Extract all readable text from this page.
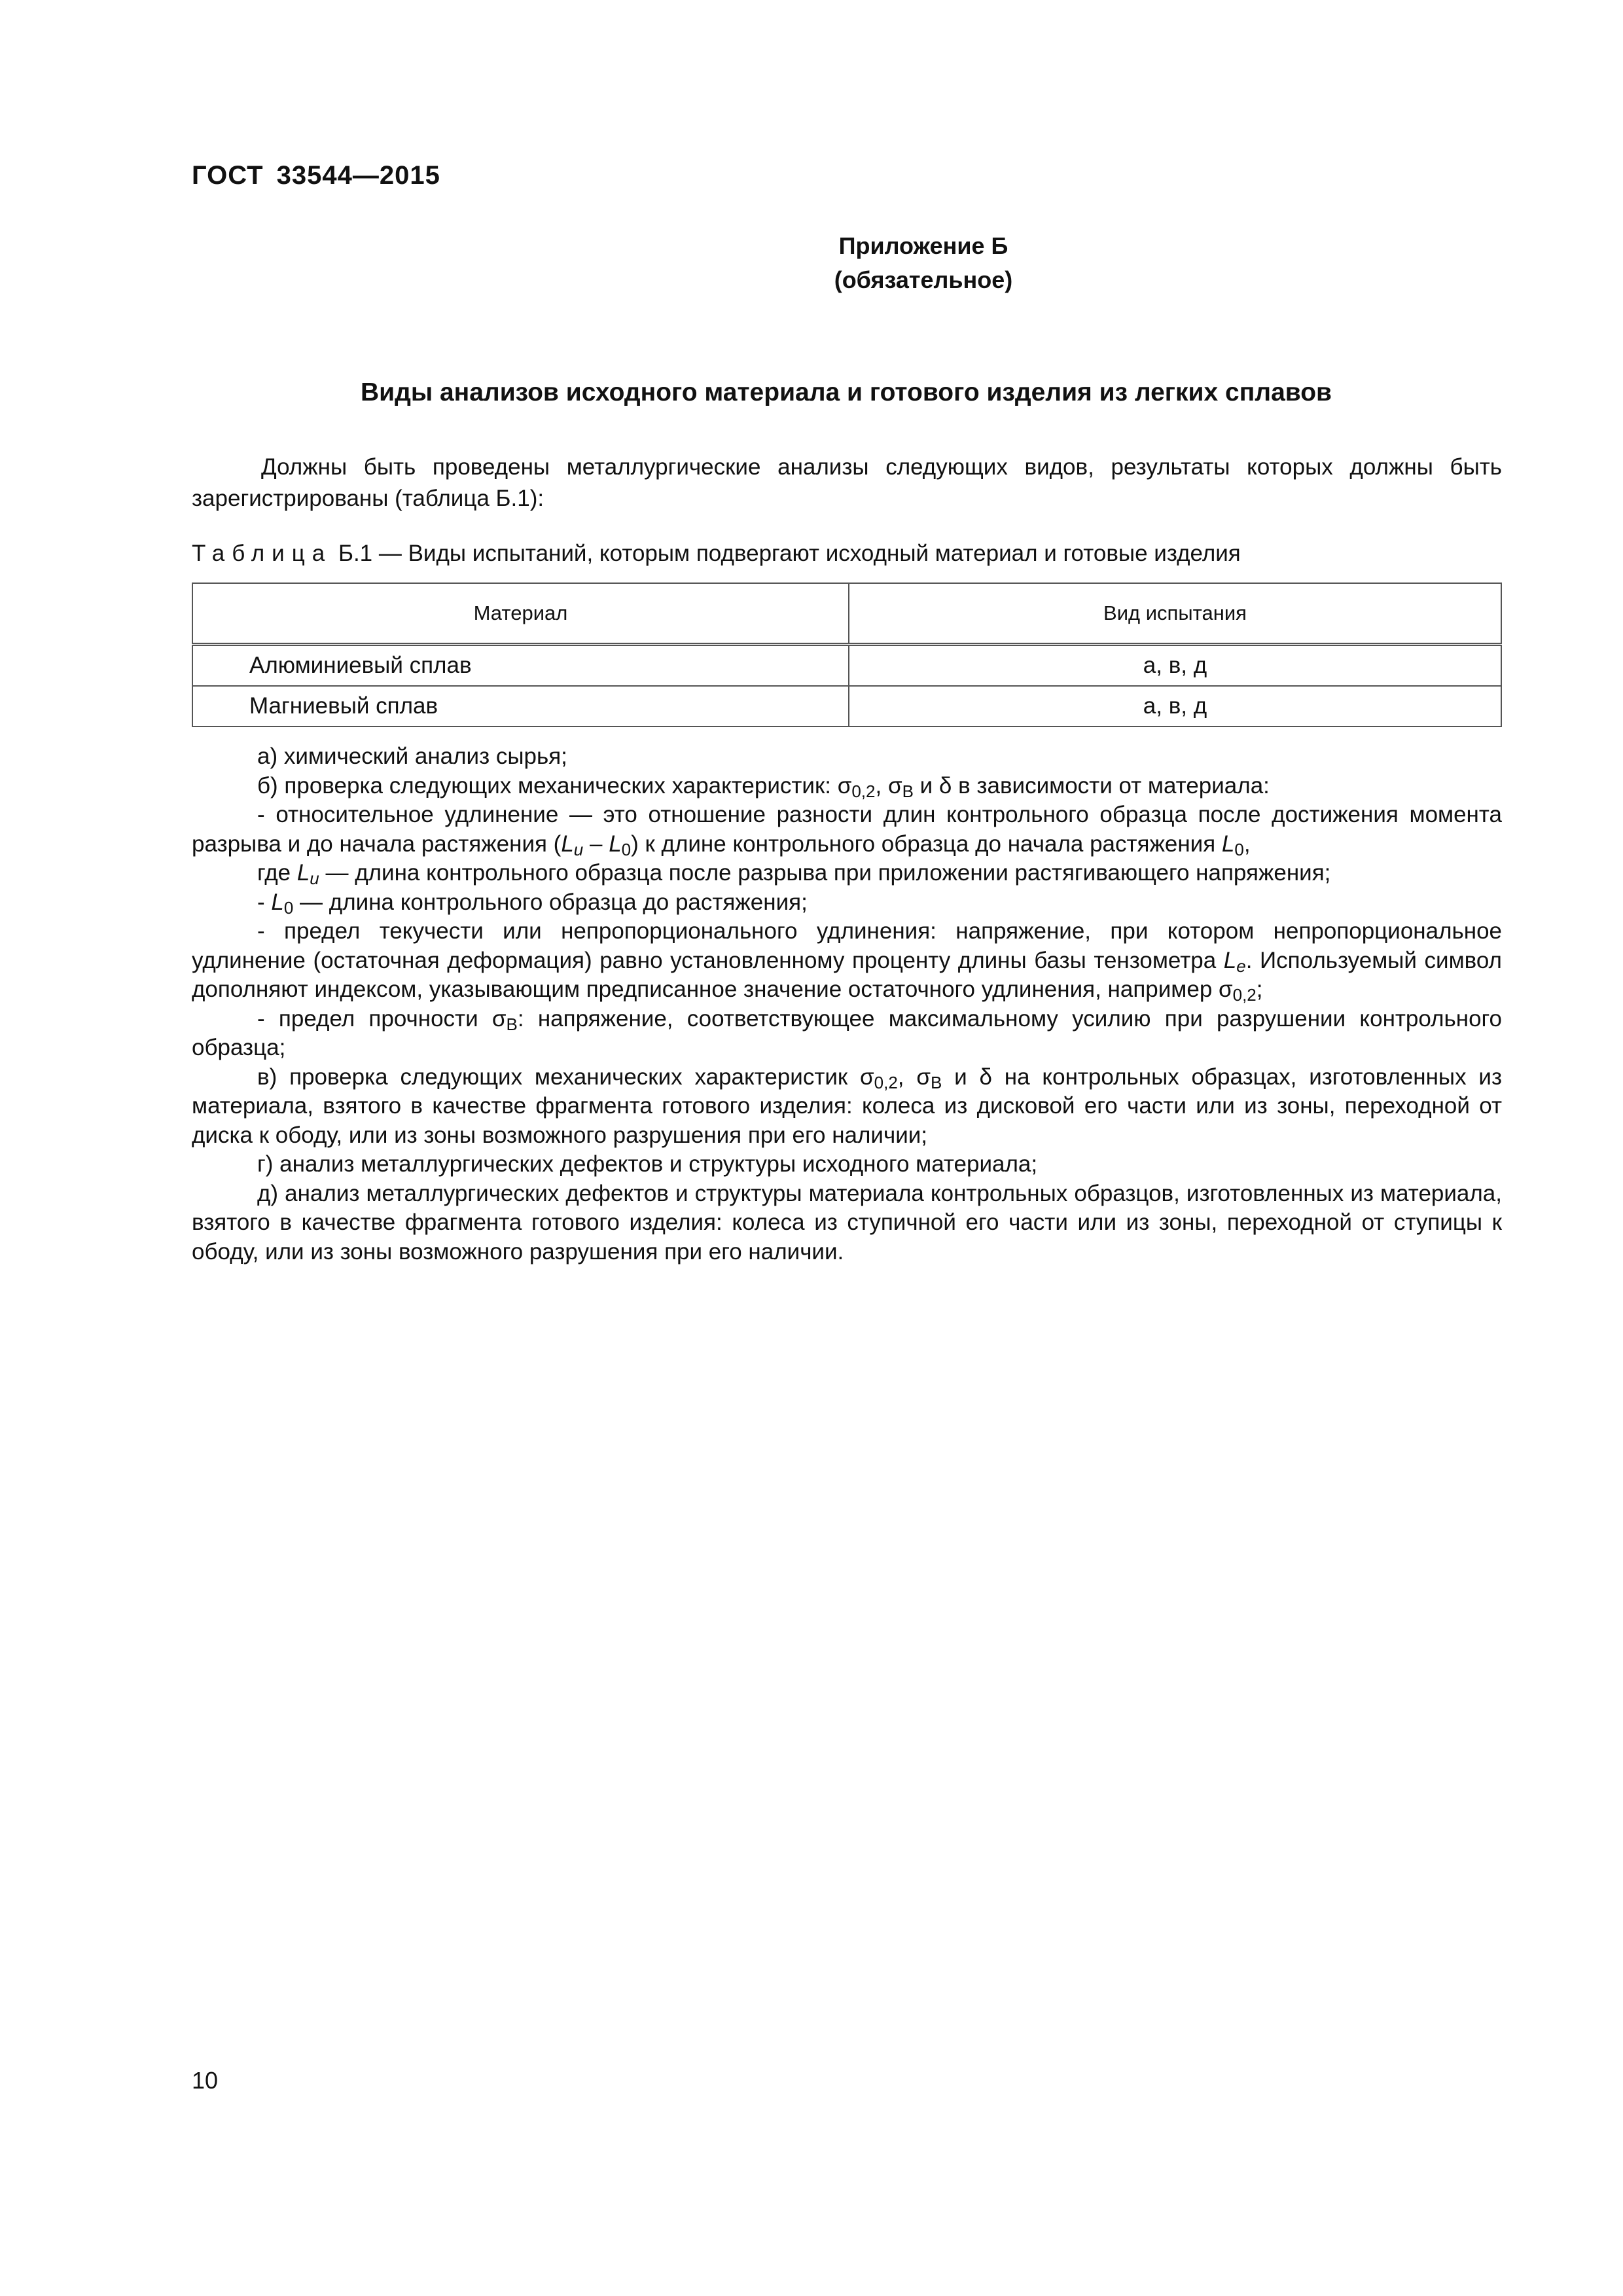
ГОСТ 33544—2015
Приложение Б
(обязательное)
Виды анализов исходного материала и готового изделия из легких сплавов
Должны быть проведены металлургические анализы следующих видов, результаты которых должны быть зарегистрированы (таблица Б.1):
Таблица Б.1 — Виды испытаний, которым подвергают исходный материал и готовые изделия
Материал	Вид испытания
Алюминиевый сплав	а, в, д
Магниевый сплав	а, в, д

а) химический анализ сырья;

б) проверка следующих механических характеристик: $\sigma_{0,2}$, $\sigma_В$ и δ в зависимости от материала:

- относительное удлинение — это отношение разности длин контрольного образца после достижения момента разрыва и до начала растяжения $(L_u - L_0)$ к длине контрольного образца до начала растяжения $L_0$,

где $L_u$ — длина контрольного образца после разрыва при приложении растягивающего напряжения;

- $L_0$ — длина контрольного образца до растяжения;

- предел текучести или непропорционального удлинения: напряжение, при котором непропорциональное удлинение (остаточная деформация) равно установленному проценту длины базы тензометра $L_e$. Используемый символ дополняют индексом, указывающим предписанное значение остаточного удлинения, например $\sigma_{0,2}$;

- предел прочности $\sigma_В$: напряжение, соответствующее максимальному усилию при разрушении контрольного образца;

в) проверка следующих механических характеристик $\sigma_{0,2}$, $\sigma_В$ и δ на контрольных образцах, изготовленных из материала, взятого в качестве фрагмента готового изделия: колеса из дисковой его части или из зоны, переходной от диска к ободу, или из зоны возможного разрушения при его наличии;

г) анализ металлургических дефектов и структуры исходного материала;

д) анализ металлургических дефектов и структуры материала контрольных образцов, изготовленных из материала, взятого в качестве фрагмента готового изделия: колеса из ступичной его части или из зоны, переходной от ступицы к ободу, или из зоны возможного разрушения при его наличии.

10
